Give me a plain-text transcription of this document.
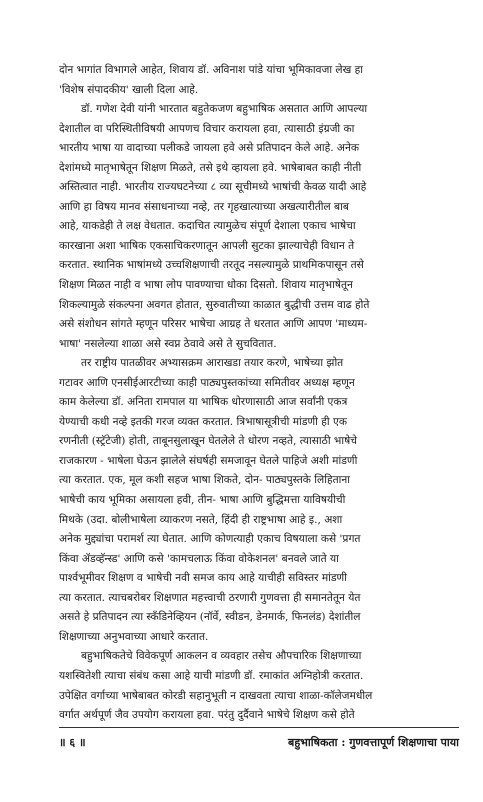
दोन भागांत विभागले आहेत, शिवाय डॉ. अविनाश पांडे यांचा भूमिकावजा लेख हा
'विशेष संपादकीय' खाली दिला आहे.
डॉ. गणेश देवी यांनी भारतात बहुतेकजण बहुभाषिक असतात आणि आपल्या
देशातील वा परिस्थितीविषयी आपणच विचार करायला हवा, त्यासाठी इंग्रजी का
भारतीय भाषा या वादाच्या पलीकडे जायला हवे असे प्रतिपादन केले आहे. अनेक
देशांमध्ये मातृभाषेतून शिक्षण मिळते, तसे इथे व्हायला हवे. भाषेबाबत काही नीती
अस्तित्वात नाही. भारतीय राज्यघटनेच्या ८ व्या सूचीमध्ये भाषांची केवळ यादी आहे
आणि हा विषय मानव संसाधनाच्या नव्हे, तर गृहखात्याच्या अखत्यारीतील बाब
आहे, याकडेही ते लक्ष वेधतात. कदाचित त्यामुळेच संपूर्ण देशाला एकाच भाषेचा
कारखाना अशा भाषिक एकसाचिकरणातून आपली सुटका झाल्याचेही विधान ते
करतात. स्थानिक भाषांमध्ये उच्चशिक्षणाची तरतूद नसल्यामुळे प्राथमिकपासून तसे
शिक्षण मिळत नाही व भाषा लोप पावण्याचा धोका दिसतो. शिवाय मातृभाषेतून
शिकल्यामुळे संकल्पना अवगत होतात, सुरुवातीच्या काळात बुद्धीची उत्तम वाढ होते
असे संशोधन सांगते म्हणून परिसर भाषेचा आग्रह ते धरतात आणि आपण 'माध्यम-
भाषा' नसलेल्या शाळा असे स्वप्न ठेवावे असे ते सुचवितात.
तर राष्ट्रीय पातळीवर अभ्यासक्रम आराखडा तयार करणे, भाषेच्या झोत
गटावर आणि एनसीईआरटीच्या काही पाठ्यपुस्तकांच्या समितीवर अध्यक्ष म्हणून
काम केलेल्या डॉ. अनिता रामपाल या भाषिक धोरणासाठी आज सर्वांनी एकत्र
येण्याची कधी नव्हे इतकी गरज व्यक्त करतात. त्रिभाषासूत्रीची मांडणी ही एक
रणनीती (स्ट्रॅटेजी) होती, ताबूनसुलाखून घेतलेले ते धोरण नव्हते, त्यासाठी भाषेचे
राजकारण - भाषेला घेऊन झालेले संघर्षही समजावून घेतले पाहिजे अशी मांडणी
त्या करतात. एक, मूल कशी सहज भाषा शिकते, दोन- पाठ्यपुस्तके लिहिताना
भाषेची काय भूमिका असायला हवी, तीन- भाषा आणि बुद्धिमत्ता याविषयीची
मिथके (उदा. बोलीभाषेला व्याकरण नसते, हिंदी ही राष्ट्रभाषा आहे इ., अशा
अनेक मुद्द्यांचा परामर्श त्या घेतात. आणि कोणत्याही एकाच विषयाला कसे 'प्रगत
किंवा ॲडव्हॅन्स्ड' आणि कसे 'कामचलाऊ किंवा वोकेशनल' बनवले जाते या
पार्श्वभूमीवर शिक्षण व भाषेची नवी समज काय आहे याचीही सविस्तर मांडणी
त्या करतात. त्याचबरोबर शिक्षणात महत्त्वाची ठरणारी गुणवत्ता ही समानतेतून येत
असते हे प्रतिपादन त्या स्कॅंडिनेव्हियन (नॉर्वे, स्वीडन, डेनमार्क, फिनलंड) देशांतील
शिक्षणाच्या अनुभवाच्या आधारे करतात.
बहुभाषिकतेचे विवेकपूर्ण आकलन व व्यवहार तसेच औपचारिक शिक्षणाच्या
यशस्वितेशी त्याचा संबंध कसा आहे याची मांडणी डॉ. रमाकांत अग्निहोत्री करतात.
उपेक्षित वर्गाच्या भाषेबाबत कोरडी सहानुभूती न दाखवता त्याचा शाळा-कॉलेजमधील
वर्गात अर्थपूर्ण जैव उपयोग करायला हवा. परंतु दुर्दैवाने भाषेचे शिक्षण कसे होते
॥ ६ ॥	बहुभाषिकता : गुणवत्तापूर्ण शिक्षणाचा पाया
